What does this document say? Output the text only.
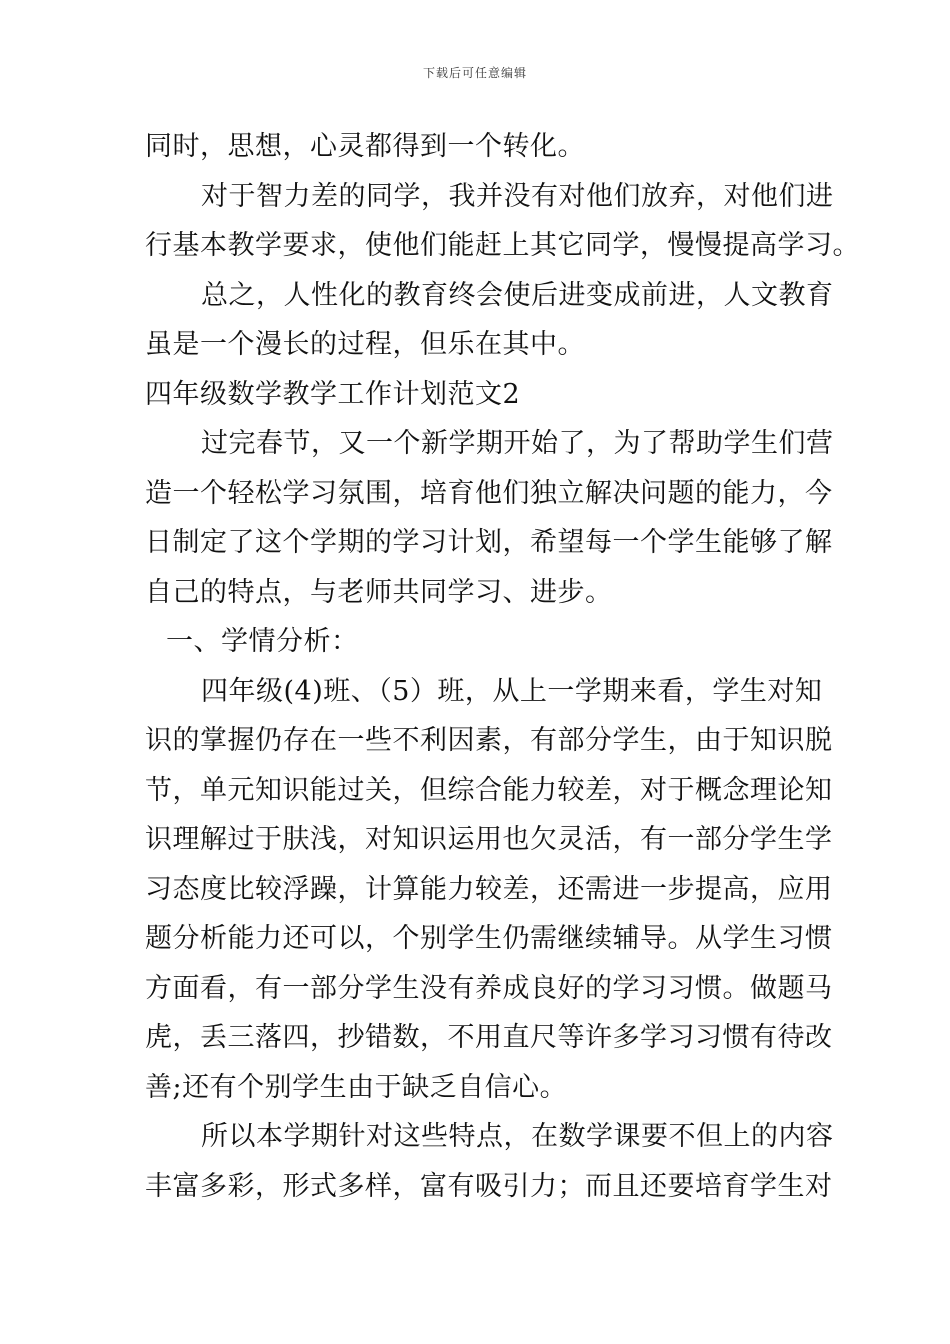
下载后可任意编辑
同时，思想，心灵都得到一个转化。
对于智力差的同学，我并没有对他们放弃，对他们进
行基本教学要求，使他们能赶上其它同学，慢慢提高学习。
总之，人性化的教育终会使后进变成前进，人文教育
虽是一个漫长的过程，但乐在其中。
四年级数学教学工作计划范文2
过完春节，又一个新学期开始了，为了帮助学生们营
造一个轻松学习氛围，培育他们独立解决问题的能力，今
日制定了这个学期的学习计划，希望每一个学生能够了解
自己的特点，与老师共同学习、进步。
一、学情分析：
四年级(4)班、（5）班，从上一学期来看，学生对知
识的掌握仍存在一些不利因素，有部分学生，由于知识脱
节，单元知识能过关，但综合能力较差，对于概念理论知
识理解过于肤浅，对知识运用也欠灵活，有一部分学生学
习态度比较浮躁，计算能力较差，还需进一步提高，应用
题分析能力还可以，个别学生仍需继续辅导。从学生习惯
方面看，有一部分学生没有养成良好的学习习惯。做题马
虎，丢三落四，抄错数，不用直尺等许多学习习惯有待改
善;还有个别学生由于缺乏自信心。
所以本学期针对这些特点，在数学课要不但上的内容
丰富多彩，形式多样，富有吸引力；而且还要培育学生对
